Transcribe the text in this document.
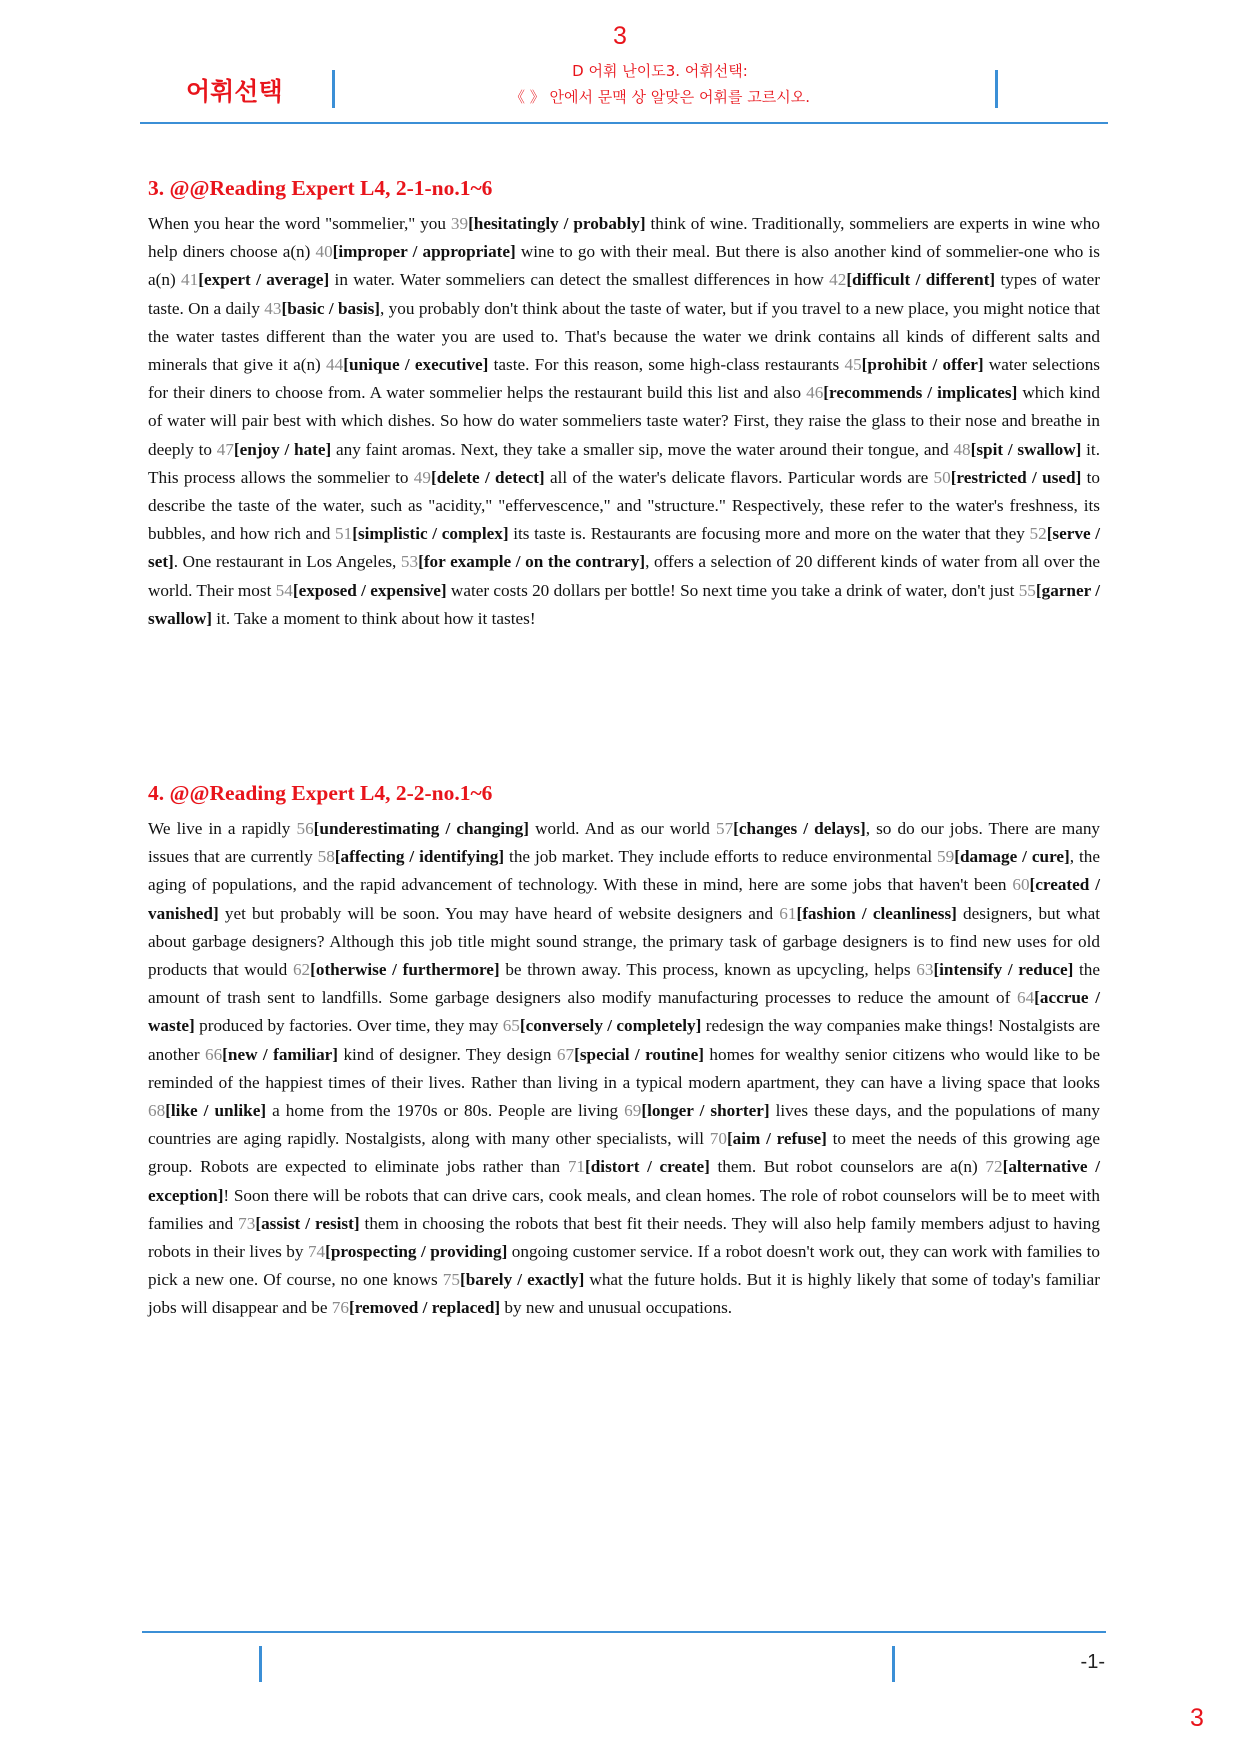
3
어휘선택
D 어휘 난이도3. 어휘선택:
《 》 안에서 문맥 상 알맞은 어휘를 고르시오.
3. @@Reading Expert L4, 2-1-no.1~6

When you hear the word "sommelier," you 39[hesitatingly / probably] think of wine. Traditionally, sommeliers are experts in wine who help diners choose a(n) 40[improper / appropriate] wine to go with their meal. But there is also another kind of sommelier-one who is a(n) 41[expert / average] in water. Water sommeliers can detect the smallest differences in how 42[difficult / different] types of water taste. On a daily 43[basic / basis], you probably don't think about the taste of water, but if you travel to a new place, you might notice that the water tastes different than the water you are used to. That's because the water we drink contains all kinds of different salts and minerals that give it a(n) 44[unique / executive] taste. For this reason, some high-class restaurants 45[prohibit / offer] water selections for their diners to choose from. A water sommelier helps the restaurant build this list and also 46[recommends / implicates] which kind of water will pair best with which dishes. So how do water sommeliers taste water? First, they raise the glass to their nose and breathe in deeply to 47[enjoy / hate] any faint aromas. Next, they take a smaller sip, move the water around their tongue, and 48[spit / swallow] it. This process allows the sommelier to 49[delete / detect] all of the water's delicate flavors. Particular words are 50[restricted / used] to describe the taste of the water, such as "acidity," "effervescence," and "structure." Respectively, these refer to the water's freshness, its bubbles, and how rich and 51[simplistic / complex] its taste is. Restaurants are focusing more and more on the water that they 52[serve / set]. One restaurant in Los Angeles, 53[for example / on the contrary], offers a selection of 20 different kinds of water from all over the world. Their most 54[exposed / expensive] water costs 20 dollars per bottle! So next time you take a drink of water, don't just 55[garner / swallow] it. Take a moment to think about how it tastes!

4. @@Reading Expert L4, 2-2-no.1~6

We live in a rapidly 56[underestimating / changing] world. And as our world 57[changes / delays], so do our jobs. There are many issues that are currently 58[affecting / identifying] the job market. They include efforts to reduce environmental 59[damage / cure], the aging of populations, and the rapid advancement of technology. With these in mind, here are some jobs that haven't been 60[created / vanished] yet but probably will be soon. You may have heard of website designers and 61[fashion / cleanliness] designers, but what about garbage designers? Although this job title might sound strange, the primary task of garbage designers is to find new uses for old products that would 62[otherwise / furthermore] be thrown away. This process, known as upcycling, helps 63[intensify / reduce] the amount of trash sent to landfills. Some garbage designers also modify manufacturing processes to reduce the amount of 64[accrue / waste] produced by factories. Over time, they may 65[conversely / completely] redesign the way companies make things! Nostalgists are another 66[new / familiar] kind of designer. They design 67[special / routine] homes for wealthy senior citizens who would like to be reminded of the happiest times of their lives. Rather than living in a typical modern apartment, they can have a living space that looks 68[like / unlike] a home from the 1970s or 80s. People are living 69[longer / shorter] lives these days, and the populations of many countries are aging rapidly. Nostalgists, along with many other specialists, will 70[aim / refuse] to meet the needs of this growing age group. Robots are expected to eliminate jobs rather than 71[distort / create] them. But robot counselors are a(n) 72[alternative / exception]! Soon there will be robots that can drive cars, cook meals, and clean homes. The role of robot counselors will be to meet with families and 73[assist / resist] them in choosing the robots that best fit their needs. They will also help family members adjust to having robots in their lives by 74[prospecting / providing] ongoing customer service. If a robot doesn't work out, they can work with families to pick a new one. Of course, no one knows 75[barely / exactly] what the future holds. But it is highly likely that some of today's familiar jobs will disappear and be 76[removed / replaced] by new and unusual occupations.

-1-
3
